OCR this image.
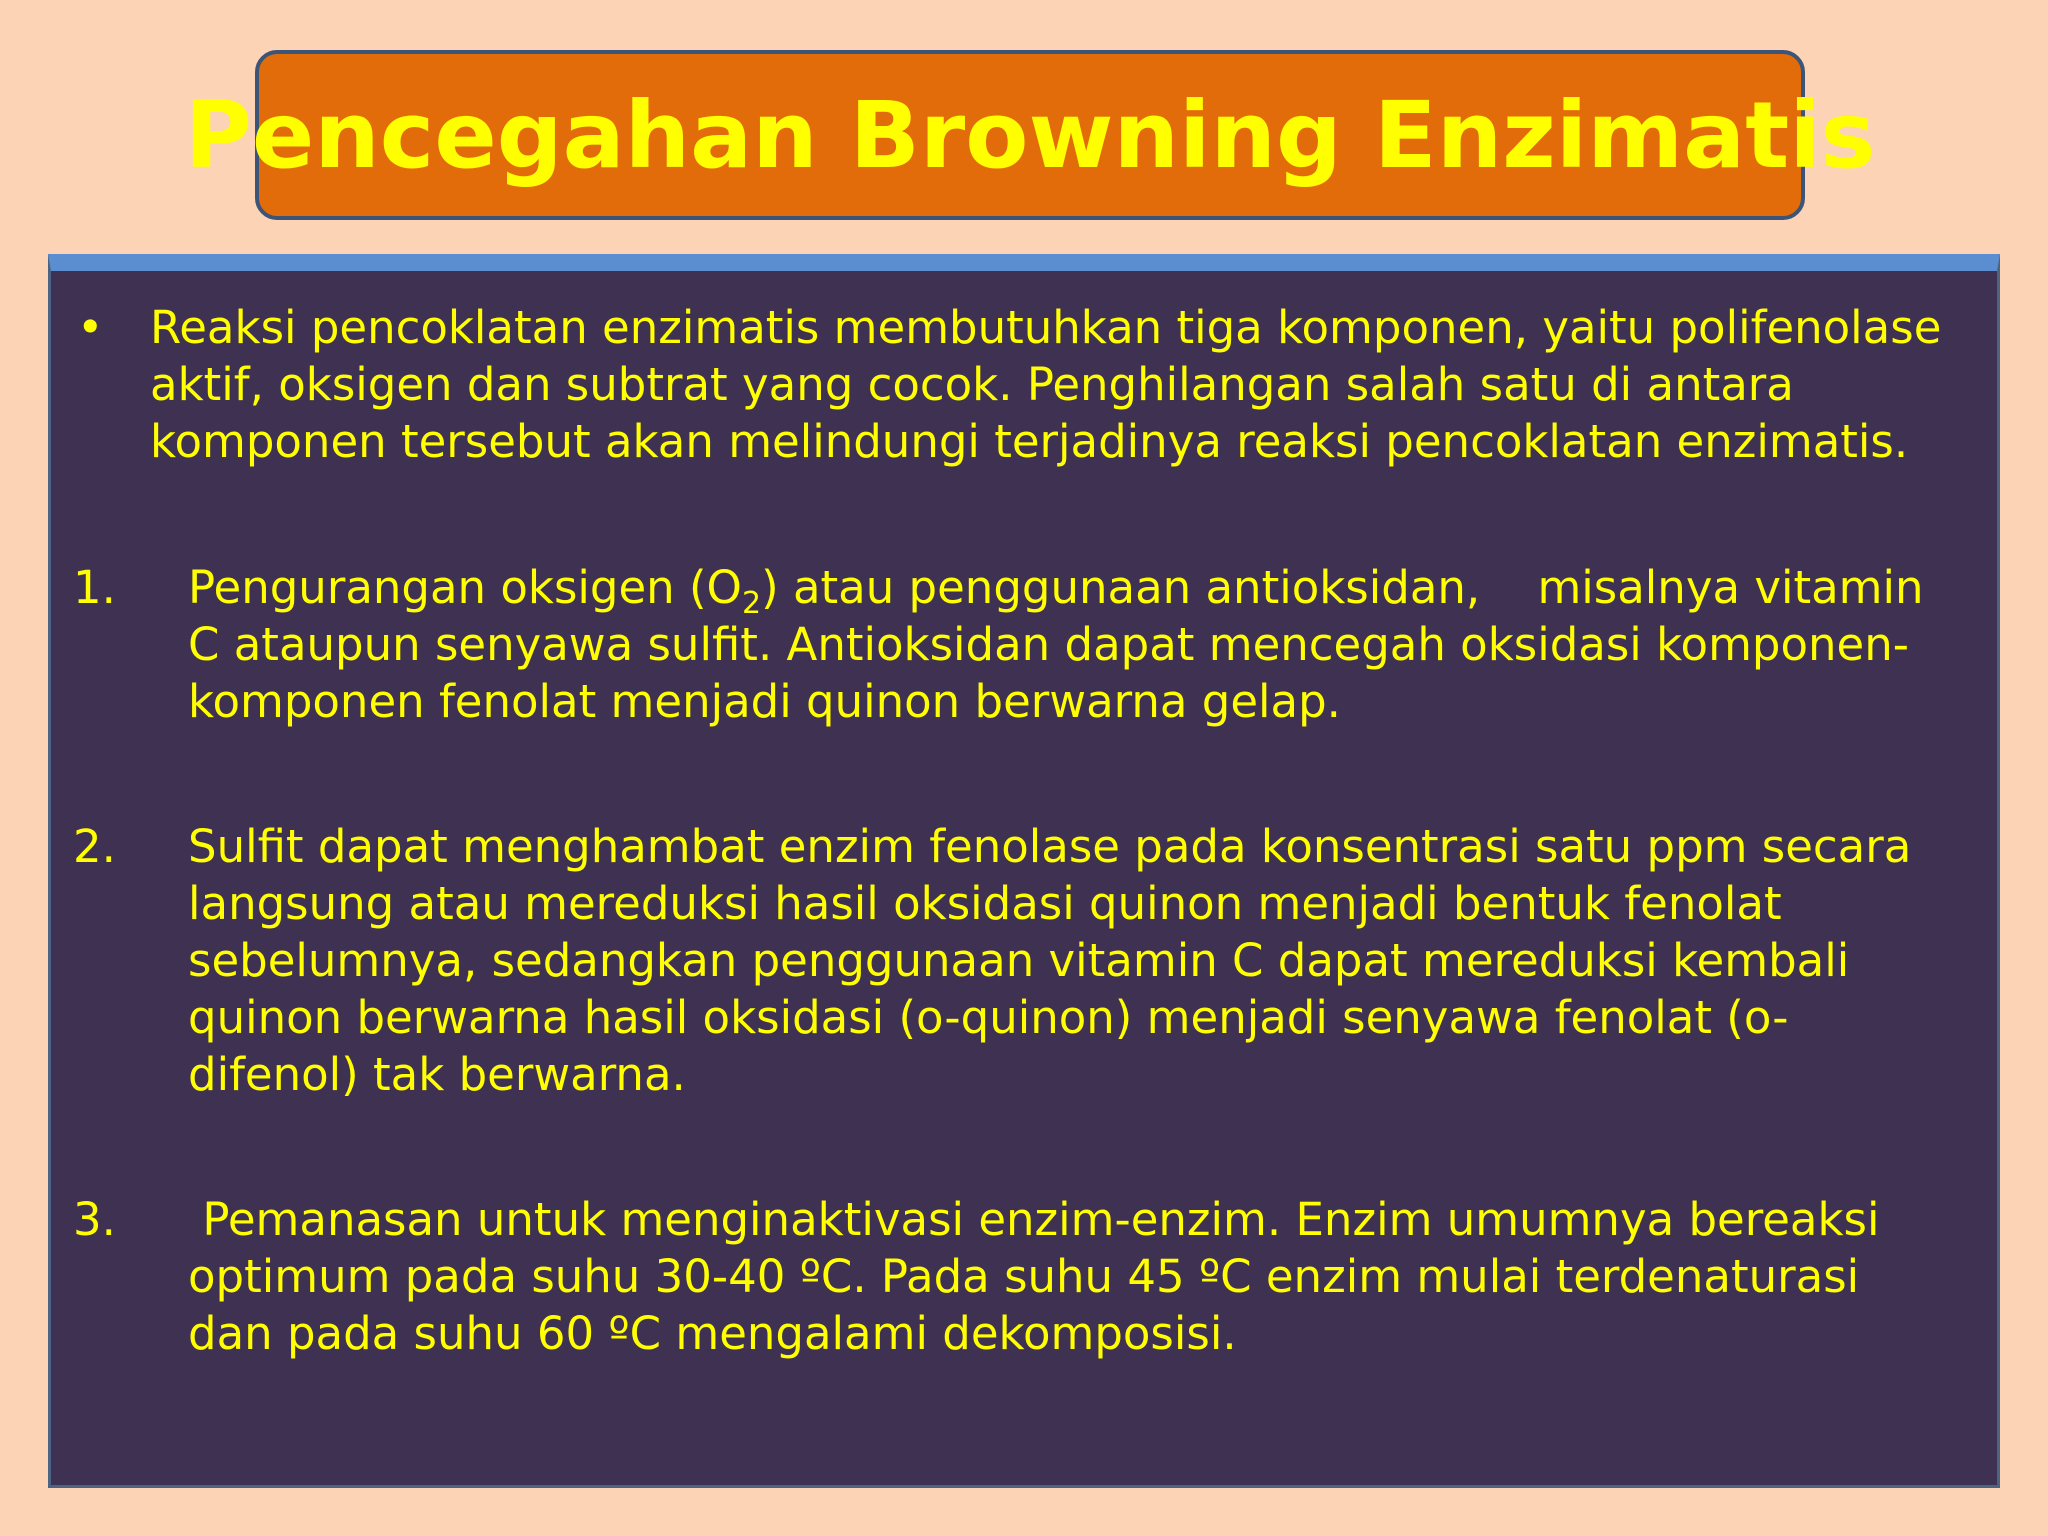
Pencegahan Browning Enzimatis
•	Reaksi pencoklatan enzimatis membutuhkan tiga komponen, yaitu polifenolase aktif, oksigen dan subtrat yang cocok. Penghilangan salah satu di antara komponen tersebut akan melindungi terjadinya reaksi pencoklatan enzimatis.
1.	Pengurangan oksigen $(O_2)$ atau penggunaan antioksidan,    misalnya vitamin C ataupun senyawa sulfit. Antioksidan dapat mencegah oksidasi komponen-komponen fenolat menjadi quinon berwarna gelap.
2.	Sulfit dapat menghambat enzim fenolase pada konsentrasi satu ppm secara langsung atau mereduksi hasil oksidasi quinon menjadi bentuk fenolat sebelumnya, sedangkan penggunaan vitamin C dapat mereduksi kembali quinon berwarna hasil oksidasi (o-quinon) menjadi senyawa fenolat (o-difenol) tak berwarna.
3.	Pemanasan untuk menginaktivasi enzim-enzim. Enzim umumnya bereaksi optimum pada suhu 30-40 ºC. Pada suhu 45 ºC enzim mulai terdenaturasi dan pada suhu 60 ºC mengalami dekomposisi.
